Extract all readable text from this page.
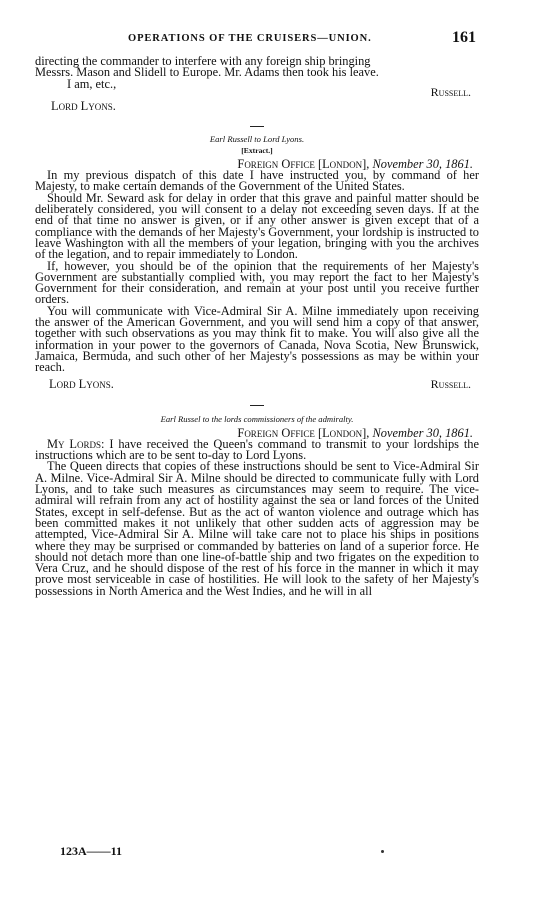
OPERATIONS OF THE CRUISERS—UNION.	161

directing the commander to interfere with any foreign ship bringing

Messrs. Mason and Slidell to Europe. Mr. Adams then took his leave.

I am, etc.,

Russell.
Lord Lyons.
Earl Russell to Lord Lyons.
[Extract.]

Foreign Office [London], November 30, 1861.

In my previous dispatch of this date I have instructed you, by command of her Majesty, to make certain demands of the Government of the United States.

Should Mr. Seward ask for delay in order that this grave and painful matter should be deliberately considered, you will consent to a delay not exceeding seven days. If at the end of that time no answer is given, or if any other answer is given except that of a compliance with the demands of her Majesty's Government, your lordship is instructed to leave Washington with all the members of your legation, bringing with you the archives of the legation, and to repair immediately to London.

If, however, you should be of the opinion that the requirements of her Majesty's Government are substantially complied with, you may report the fact to her Majesty's Government for their consideration, and remain at your post until you receive further orders.

You will communicate with Vice-Admiral Sir A. Milne immediately upon receiving the answer of the American Government, and you will send him a copy of that answer, together with such observations as you may think fit to make. You will also give all the information in your power to the governors of Canada, Nova Scotia, New Brunswick, Jamaica, Bermuda, and such other of her Majesty's possessions as may be within your reach.

Lord Lyons.	Russell.
Earl Russel to the lords commissioners of the admiralty.

Foreign Office [London], November 30, 1861.

My Lords: I have received the Queen's command to transmit to your lordships the instructions which are to be sent to-day to Lord Lyons.

The Queen directs that copies of these instructions should be sent to Vice-Admiral Sir A. Milne. Vice-Admiral Sir A. Milne should be directed to communicate fully with Lord Lyons, and to take such measures as circumstances may seem to require. The vice-admiral will refrain from any act of hostility against the sea or land forces of the United States, except in self-defense. But as the act of wanton violence and outrage which has been committed makes it not unlikely that other sudden acts of aggression may be attempted, Vice-Admiral Sir A. Milne will take care not to place his ships in positions where they may be surprised or commanded by batteries on land of a superior force. He should not detach more than one line-of-battle ship and two frigates on the expedition to Vera Cruz, and he should dispose of the rest of his force in the manner in which it may prove most serviceable in case of hostilities. He will look to the safety of her Majesty's possessions in North America and the West Indies, and he will in all

123A——11
